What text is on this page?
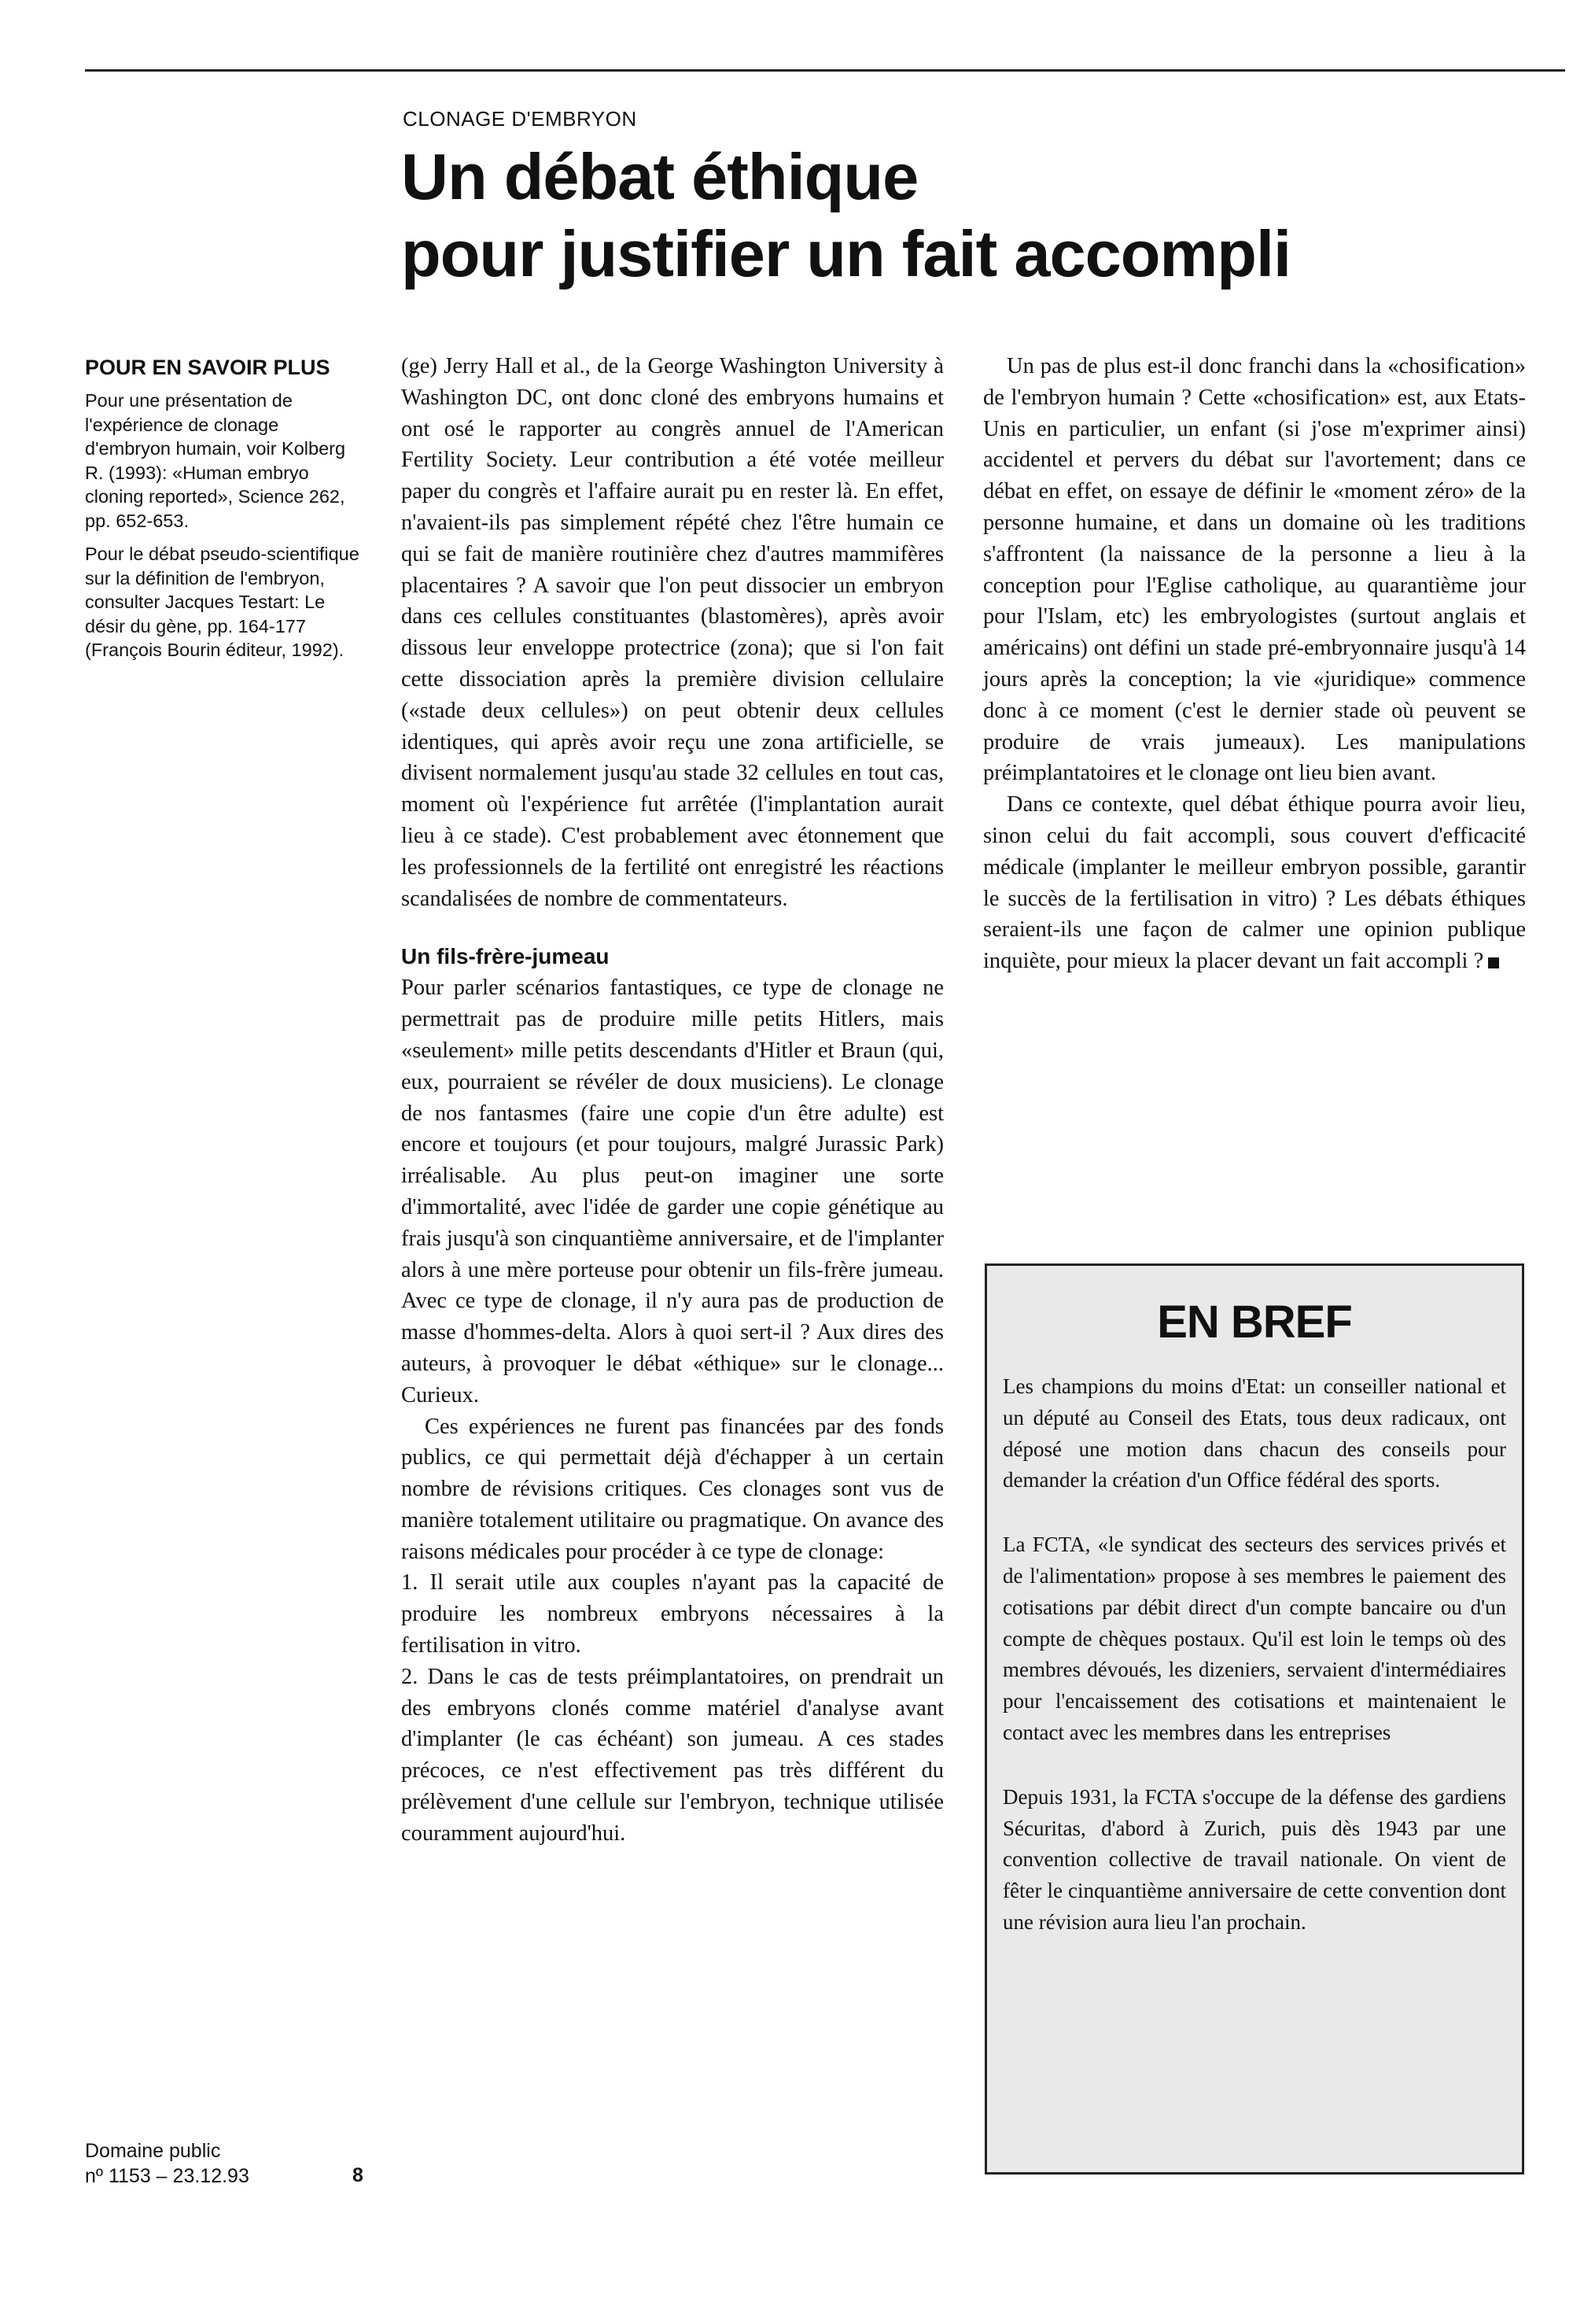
CLONAGE D'EMBRYON
Un débat éthique
pour justifier un fait accompli
POUR EN SAVOIR PLUS

Pour une présentation de l'expérience de clonage d'embryon humain, voir Kolberg R. (1993): «Human embryo cloning reported», Science 262, pp. 652-653.

Pour le débat pseudo-scientifique sur la définition de l'embryon, consulter Jacques Testart: Le désir du gène, pp. 164-177 (François Bourin éditeur, 1992).

(ge) Jerry Hall et al., de la George Washington University à Washington DC, ont donc cloné des embryons humains et ont osé le rapporter au congrès annuel de l'American Fertility Society. Leur contribution a été votée meilleur paper du congrès et l'affaire aurait pu en rester là. En effet, n'avaient-ils pas simplement répété chez l'être humain ce qui se fait de manière routinière chez d'autres mammifères placentaires ? A savoir que l'on peut dissocier un embryon dans ces cellules constituantes (blastomères), après avoir dissous leur enveloppe protectrice (zona); que si l'on fait cette dissociation après la première division cellulaire («stade deux cellules») on peut obtenir deux cellules identiques, qui après avoir reçu une zona artificielle, se divisent normalement jusqu'au stade 32 cellules en tout cas, moment où l'expérience fut arrêtée (l'implantation aurait lieu à ce stade). C'est probablement avec étonnement que les professionnels de la fertilité ont enregistré les réactions scandalisées de nombre de commentateurs.

Un fils-frère-jumeau

Pour parler scénarios fantastiques, ce type de clonage ne permettrait pas de produire mille petits Hitlers, mais «seulement» mille petits descendants d'Hitler et Braun (qui, eux, pourraient se révéler de doux musiciens). Le clonage de nos fantasmes (faire une copie d'un être adulte) est encore et toujours (et pour toujours, malgré Jurassic Park) irréalisable. Au plus peut-on imaginer une sorte d'immortalité, avec l'idée de garder une copie génétique au frais jusqu'à son cinquantième anniversaire, et de l'implanter alors à une mère porteuse pour obtenir un fils-frère jumeau. Avec ce type de clonage, il n'y aura pas de production de masse d'hommes-delta. Alors à quoi sert-il ? Aux dires des auteurs, à provoquer le débat «éthique» sur le clonage... Curieux.

Ces expériences ne furent pas financées par des fonds publics, ce qui permettait déjà d'échapper à un certain nombre de révisions critiques. Ces clonages sont vus de manière totalement utilitaire ou pragmatique. On avance des raisons médicales pour procéder à ce type de clonage:

1. Il serait utile aux couples n'ayant pas la capacité de produire les nombreux embryons nécessaires à la fertilisation in vitro.

2. Dans le cas de tests préimplantatoires, on prendrait un des embryons clonés comme matériel d'analyse avant d'implanter (le cas échéant) son jumeau. A ces stades précoces, ce n'est effectivement pas très différent du prélèvement d'une cellule sur l'embryon, technique utilisée couramment aujourd'hui.

Un pas de plus est-il donc franchi dans la «chosification» de l'embryon humain ? Cette «chosification» est, aux Etats-Unis en particulier, un enfant (si j'ose m'exprimer ainsi) accidentel et pervers du débat sur l'avortement; dans ce débat en effet, on essaye de définir le «moment zéro» de la personne humaine, et dans un domaine où les traditions s'affrontent (la naissance de la personne a lieu à la conception pour l'Eglise catholique, au quarantième jour pour l'Islam, etc) les embryologistes (surtout anglais et américains) ont défini un stade pré-embryonnaire jusqu'à 14 jours après la conception; la vie «juridique» commence donc à ce moment (c'est le dernier stade où peuvent se produire de vrais jumeaux). Les manipulations préimplantatoires et le clonage ont lieu bien avant.

Dans ce contexte, quel débat éthique pourra avoir lieu, sinon celui du fait accompli, sous couvert d'efficacité médicale (implanter le meilleur embryon possible, garantir le succès de la fertilisation in vitro) ? Les débats éthiques seraient-ils une façon de calmer une opinion publique inquiète, pour mieux la placer devant un fait accompli ?

EN BREF

Les champions du moins d'Etat: un conseiller national et un député au Conseil des Etats, tous deux radicaux, ont déposé une motion dans chacun des conseils pour demander la création d'un Office fédéral des sports.

La FCTA, «le syndicat des secteurs des services privés et de l'alimentation» propose à ses membres le paiement des cotisations par débit direct d'un compte bancaire ou d'un compte de chèques postaux. Qu'il est loin le temps où des membres dévoués, les dizeniers, servaient d'intermédiaires pour l'encaissement des cotisations et maintenaient le contact avec les membres dans les entreprises

Depuis 1931, la FCTA s'occupe de la défense des gardiens Sécuritas, d'abord à Zurich, puis dès 1943 par une convention collective de travail nationale. On vient de fêter le cinquantième anniversaire de cette convention dont une révision aura lieu l'an prochain.

Domaine public
nº 1153 – 23.12.93	8
